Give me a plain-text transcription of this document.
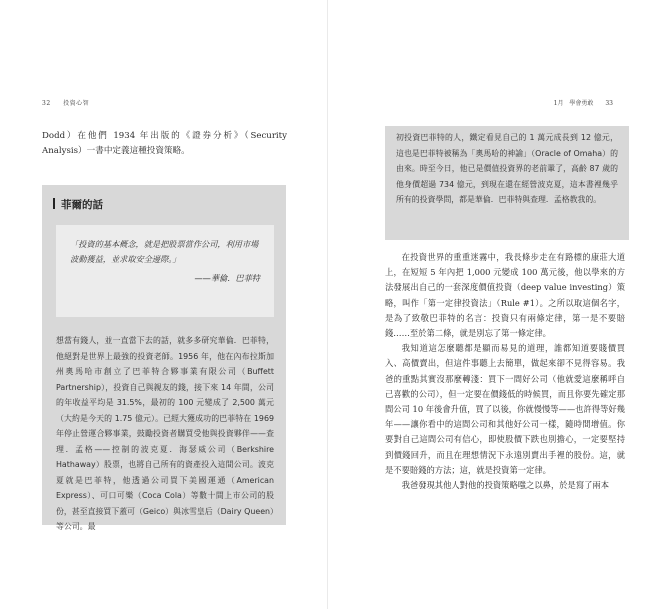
32 投資心智
Dodd）在他們 1934 年出版的《證券分析》（Security Analysis）一書中定義這種投資策略。
菲爾的話
「投資的基本概念，就是把股票當作公司，利用市場波動獲益，並求取安全邊際。」
——華倫．巴菲特
想當有錢人，並一直當下去的話，就多多研究華倫．巴菲特，他絕對是世界上最強的投資老師。1956 年，他在內布拉斯加州奧馬哈市創立了巴菲特合夥事業有限公司（Buffett Partnership），投資自己與親友的錢，接下來 14 年間，公司的年收益平均是 31.5%，最初的 100 元變成了 2,500 萬元（大約是今天的 1.75 億元）。已經大獲成功的巴菲特在 1969 年停止營運合夥事業，鼓勵投資者購買受他與投資夥伴——查理．孟格——控制的波克夏．海瑟威公司（Berkshire Hathaway）股票，也將自己所有的資產投入這間公司。波克夏就是巴菲特，他透過公司買下美國運通（American Express）、可口可樂（Coca Cola）等數十間上市公司的股份，甚至直接買下蓋可（Geico）與冰雪皇后（Dairy Queen）等公司。最
1月 學會勇敢 33
初投資巴菲特的人，鐵定看見自己的 1 萬元成長到 12 億元，這也是巴菲特被稱為「奧馬哈的神諭」（Oracle of Omaha）的由來。時至今日，他已是價值投資界的老前輩了，高齡 87 歲的他身價超過 734 億元，到現在還在經營波克夏，這本書裡幾乎所有的投資學問，都是華倫．巴菲特與查理．孟格教我的。

在投資世界的重重迷霧中，我長條步走在有路標的康莊大道上，在短短 5 年內把 1,000 元變成 100 萬元後，他以學來的方法發展出自己的一套深度價值投資（deep value investing）策略，叫作「第一定律投資法」（Rule #1）。之所以取這個名字，是為了致敬巴菲特的名言：投資只有兩條定律，第一是不要賠錢……至於第二條，就是別忘了第一條定律。

我知道這怎麼聽都是顯而易見的道理，誰都知道要賤價買入、高價賣出，但這件事聽上去簡單，做起來卻不見得容易。我爸的重點其實沒那麼轉淺：買下一間好公司（他就愛這麼稱呼自己喜歡的公司），但一定要在價錢低的時候買，而且你要先確定那間公司 10 年後會升值，買了以後，你就慢慢等——也許得等好幾年——讓你看中的這間公司和其他好公司一樣，隨時間增值。你要對自己這間公司有信心，即使股價下跌也別擔心，一定要堅持到價錢回升，而且在理想情況下永遠別賣出手裡的股份。這，就是不要賠錢的方法；這，就是投資第一定律。

我爸發現其他人對他的投資策略嗤之以鼻，於是寫了兩本
